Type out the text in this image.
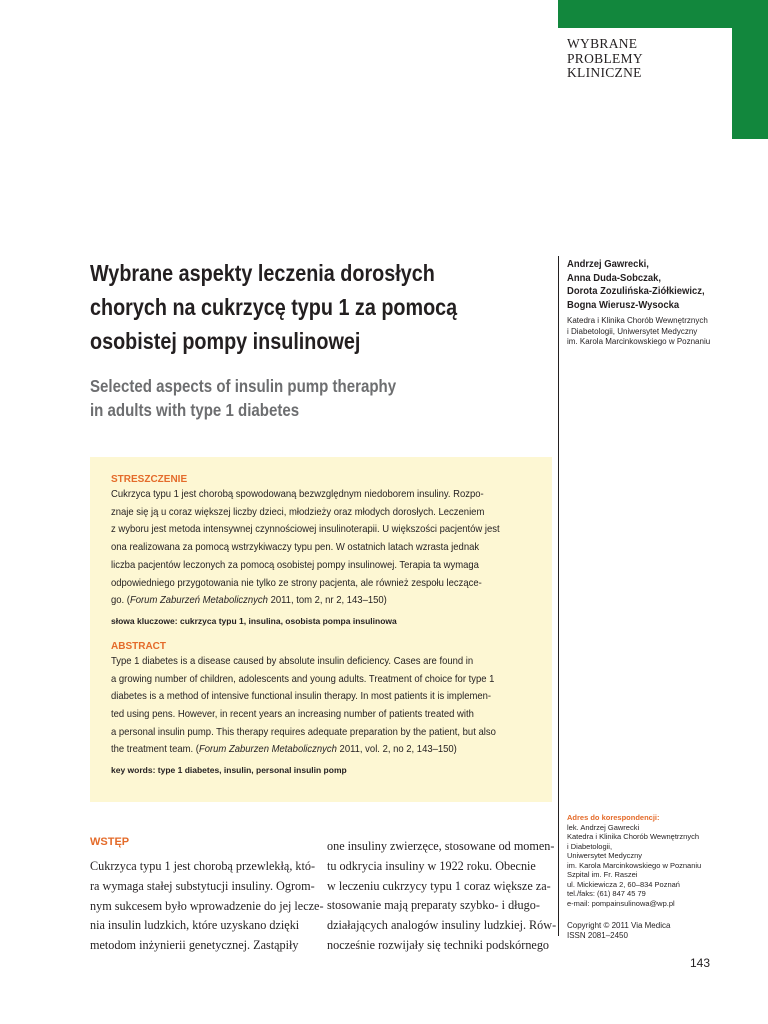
WYBRANE
PROBLEMY
KLINICZNE
Wybrane aspekty leczenia dorosłych
chorych na cukrzycę typu 1 za pomocą
osobistej pompy insulinowej
Selected aspects of insulin pump theraphy
in adults with type 1 diabetes
Andrzej Gawrecki,
Anna Duda-Sobczak,
Dorota Zozulińska-Ziółkiewicz,
Bogna Wierusz-Wysocka
Katedra i Klinika Chorób Wewnętrznych
i Diabetologii, Uniwersytet Medyczny
im. Karola Marcinkowskiego w Poznaniu
STRESZCZENIE
Cukrzyca typu 1 jest chorobą spowodowaną bezwzględnym niedoborem insuliny. Rozpo-
znaje się ją u coraz większej liczby dzieci, młodzieży oraz młodych dorosłych. Leczeniem
z wyboru jest metoda intensywnej czynnościowej insulinoterapii. U większości pacjentów jest
ona realizowana za pomocą wstrzykiwaczy typu pen. W ostatnich latach wzrasta jednak
liczba pacjentów leczonych za pomocą osobistej pompy insulinowej. Terapia ta wymaga
odpowiedniego przygotowania nie tylko ze strony pacjenta, ale również zespołu leczące-
go. (Forum Zaburzeń Metabolicznych 2011, tom 2, nr 2, 143–150)
słowa kluczowe: cukrzyca typu 1, insulina, osobista pompa insulinowa
ABSTRACT
Type 1 diabetes is a disease caused by absolute insulin deficiency. Cases are found in
a growing number of children, adolescents and young adults. Treatment of choice for type 1
diabetes is a method of intensive functional insulin therapy. In most patients it is implemen-
ted using pens. However, in recent years an increasing number of patients treated with
a personal insulin pump. This therapy requires adequate preparation by the patient, but also
the treatment team. (Forum Zaburzen Metabolicznych 2011, vol. 2, no 2, 143–150)
key words: type 1 diabetes, insulin, personal insulin pomp
WSTĘP
Cukrzyca typu 1 jest chorobą przewlekłą, któ-
ra wymaga stałej substytucji insuliny. Ogrom-
nym sukcesem było wprowadzenie do jej lecze-
nia insulin ludzkich, które uzyskano dzięki
metodom inżynierii genetycznej. Zastąpiły
one insuliny zwierzęce, stosowane od momen-
tu odkrycia insuliny w 1922 roku. Obecnie
w leczeniu cukrzycy typu 1 coraz większe za-
stosowanie mają preparaty szybko- i długo-
działających analogów insuliny ludzkiej. Rów-
nocześnie rozwijały się techniki podskórnego
Adres do korespondencji:
lek. Andrzej Gawrecki
Katedra i Klinika Chorób Wewnętrznych
i Diabetologii,
Uniwersytet Medyczny
im. Karola Marcinkowskiego w Poznaniu
Szpital im. Fr. Raszei
ul. Mickiewicza 2, 60–834 Poznań
tel./faks: (61) 847 45 79
e-mail: pompainsulinowa@wp.pl
Copyright © 2011 Via Medica
ISSN 2081–2450
143
